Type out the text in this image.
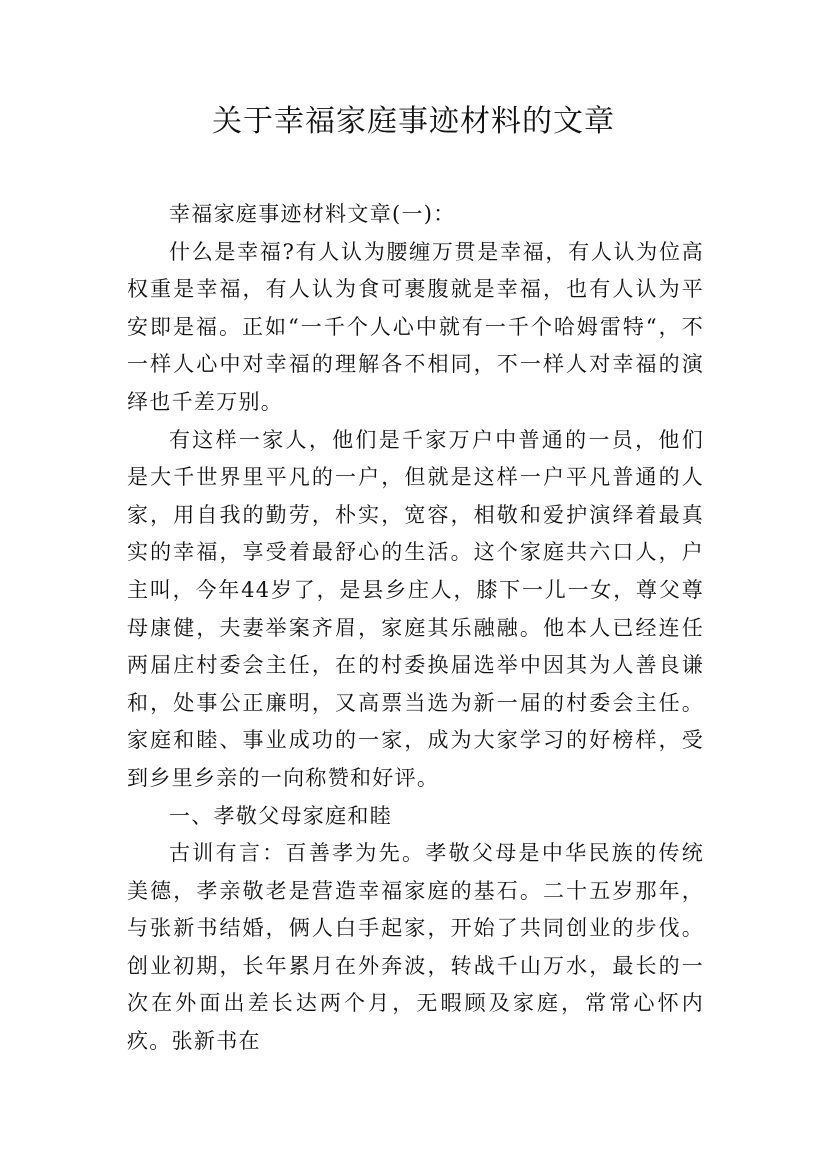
关于幸福家庭事迹材料的文章

幸福家庭事迹材料文章(一)：

什么是幸福?有人认为腰缠万贯是幸福，有人认为位高权重是幸福，有人认为食可裹腹就是幸福，也有人认为平安即是福。正如“一千个人心中就有一千个哈姆雷特“，不一样人心中对幸福的理解各不相同，不一样人对幸福的演绎也千差万别。

有这样一家人，他们是千家万户中普通的一员，他们是大千世界里平凡的一户，但就是这样一户平凡普通的人家，用自我的勤劳，朴实，宽容，相敬和爱护演绎着最真实的幸福，享受着最舒心的生活。这个家庭共六口人，户主叫，今年44岁了，是县乡庄人，膝下一儿一女，尊父尊母康健，夫妻举案齐眉，家庭其乐融融。他本人已经连任两届庄村委会主任，在的村委换届选举中因其为人善良谦和，处事公正廉明，又高票当选为新一届的村委会主任。家庭和睦、事业成功的一家，成为大家学习的好榜样，受到乡里乡亲的一向称赞和好评。

一、孝敬父母家庭和睦

古训有言：百善孝为先。孝敬父母是中华民族的传统美德，孝亲敬老是营造幸福家庭的基石。二十五岁那年，与张新书结婚，俩人白手起家，开始了共同创业的步伐。创业初期，长年累月在外奔波，转战千山万水，最长的一次在外面出差长达两个月，无暇顾及家庭，常常心怀内疚。张新书在
